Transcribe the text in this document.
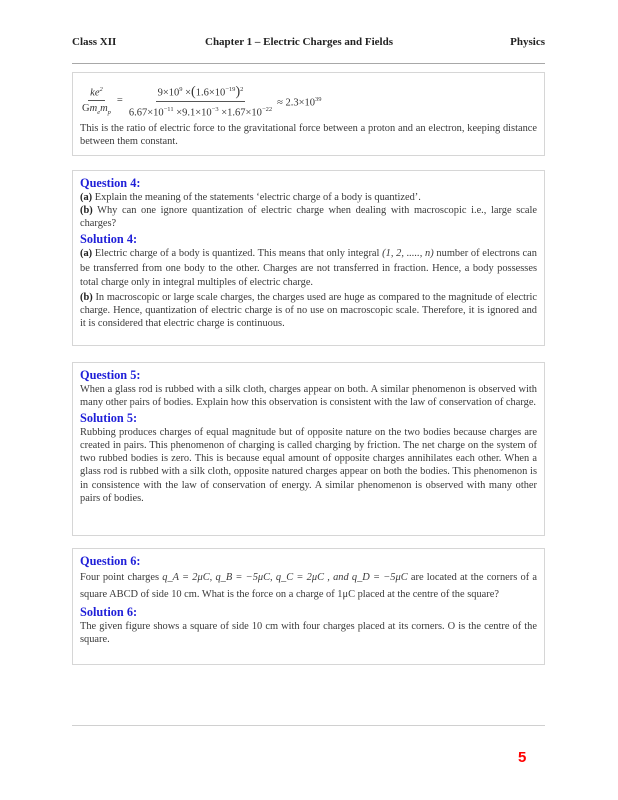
Class XII	Chapter 1 – Electric Charges and Fields	Physics
$\frac{ke^2}{Gm_em_p} = \frac{9\times 10^9 \times(1.6\times 10^{-19})^2}{6.67\times 10^{-11} \times 9.1\times 10^{-3} \times 1.67\times 10^{-22}} \approx 2.3\times 10^{39}$
This is the ratio of electric force to the gravitational force between a proton and an electron, keeping distance between them constant.
Question 4:
(a) Explain the meaning of the statements ‘electric charge of a body is quantized’.
(b) Why can one ignore quantization of electric charge when dealing with macroscopic i.e., large scale charges?
Solution 4:
(a) Electric charge of a body is quantized. This means that only integral (1, 2, ....., n) number of electrons can be transferred from one body to the other. Charges are not transferred in fraction. Hence, a body possesses total charge only in integral multiples of electric charge.
(b) In macroscopic or large scale charges, the charges used are huge as compared to the magnitude of electric charge. Hence, quantization of electric charge is of no use on macroscopic scale. Therefore, it is ignored and it is considered that electric charge is continuous.
Question 5:
When a glass rod is rubbed with a silk cloth, charges appear on both. A similar phenomenon is observed with many other pairs of bodies. Explain how this observation is consistent with the law of conservation of charge.
Solution 5:
Rubbing produces charges of equal magnitude but of opposite nature on the two bodies because charges are created in pairs. This phenomenon of charging is called charging by friction. The net charge on the system of two rubbed bodies is zero. This is because equal amount of opposite charges annihilates each other. When a glass rod is rubbed with a silk cloth, opposite natured charges appear on both the bodies. This phenomenon is in consistence with the law of conservation of energy. A similar phenomenon is observed with many other pairs of bodies.
Question 6:
Four point charges q_A = 2μC, q_B = −5μC, q_C = 2μC , and q_D = −5μC are located at the corners of a square ABCD of side 10 cm. What is the force on a charge of 1μC placed at the centre of the square?
Solution 6:
The given figure shows a square of side 10 cm with four charges placed at its corners. O is the centre of the square.
5
